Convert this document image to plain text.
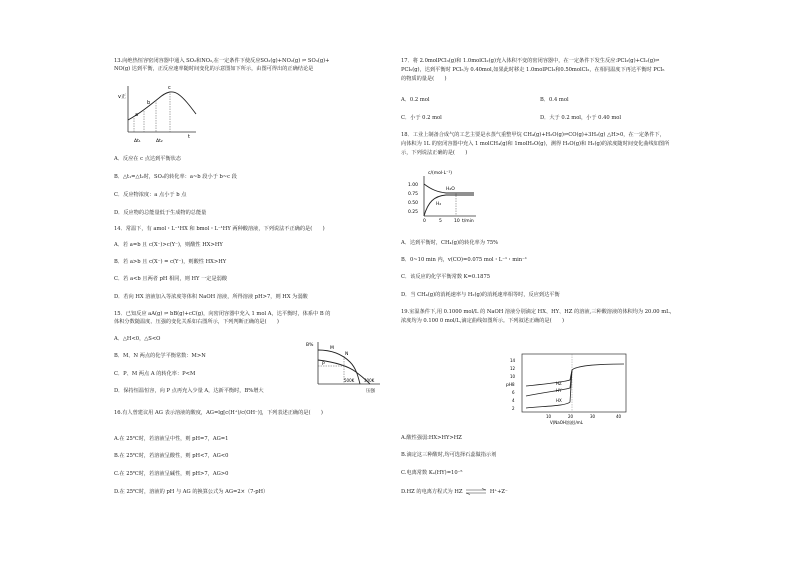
13.向绝热恒容密闭容器中通入 SO₂和NO₂,在一定条件下使反应SO₂(g)+NO₂(g) ⇌ SO₃(g)+
NO(g) 达到平衡，正反应速率随时间变化的示意图如下所示，由图可得出的正确结论是
v正
a
b
c
Δt₁	Δt₂
t
A．反应在 c 点达到平衡状态
B．△t₁=△t₂时，SO₂的转化率：a~b 段小于 b~c 段
C．反应物浓度：a 点小于 b 点
D．反应物的总能量低于生成物的总能量
14．常温下，有 amol・L⁻¹HX 和 bmol・L⁻¹HY 两种酸溶液，下列说法不正确的是(　　)
A．若 a=b 且 c(X⁻)>c(Y⁻)，则酸性 HX>HY
B．若 a>b 且 c(X⁻) = c(Y⁻)，则酸性 HX>HY
C．若 a<b 且两者 pH 相同，则 HY 一定是弱酸
D．若向 HX 溶液加入等浓度等体积 NaOH 溶液，所得溶液 pH>7，则 HX 为弱酸
15．已知反应 aA(g) ⇌ bB(g)+cC(g)，向密闭容器中充入 1 mol A，达平衡时，体系中 B 的
体积分数随温度、压强的变化关系如右图所示，下列判断正确的是(　　)
A．△H<0，△S<O
B．M、N 两点的化学平衡常数：M>N
C．P、M 两点 A 的转化率：P<M
D．保持恒温恒容，向 P 点再充入少量 A，达新平衡时，B%增大
B%
M
N
P
500K 300K
压强
16.有人曾建议用 AG 表示溶液的酸度，AG=lg[c(H⁺)/c(OH⁻)]，下列表述正确的是(　　)
A.在 25℃时，若溶液呈中性，则 pH=7，AG=1
B.在 25℃时，若溶液呈酸性，则 pH<7，AG<0
C.在 25℃时，若溶液呈碱性，则 pH>7，AG>0
D.在 25℃时，溶液的 pH 与 AG 的换算公式为 AG=2×（7-pH）
17．将 2.0molPCl₃(g)和 1.0molCl₂(g)充入体积不变的密闭容器中，在一定条件下发生反应:PCl₃(g)+Cl₂(g)⇌
PCl₅(g)，达到平衡时 PCl₅为 0.40mol,如果此时移走 1.0molPCl₃和0.50molCl₂，在相同温度下再达平衡时 PCl₅
的物质的量是(　　)
A．0.2 mol	B．0.4 mol
C．小于 0.2 mol	D．大于 0.2 mol，小于 0.40 mol
18．工业上制备合成气的工艺主要是水蒸气重整甲烷 CH₄(g)+H₂O(g)⇌CO(g)+3H₂(g) △H>0，在一定条件下，
向体积为 1L 的密闭容器中充入 1 molCH₄(g)和 1molH₂O(g)，测得 H₂O(g)和 H₂(g)的浓度随时间变化曲线如图所
示，下列说法正确的是(　　)
c/(mol·L⁻¹)
1.00
0.75
0.50
0.25
0	5	10 t/min
H₂O
H₂
A．达到平衡时，CH₄(g)的转化率为 75%
B．0~10 min 内，v(CO)=0.075 mol・L⁻¹・min⁻¹
C．该反应的化学平衡常数 K=0.1875
D．当 CH₄(g)的消耗速率与 H₂(g)的消耗速率相等时，反应到达平衡
19.室温条件下,用 0.1000 mol/L 的 NaOH 溶液分别滴定 HX、HY、HZ 的溶液,三种酸溶液的体积均为 20.00 mL，
浓度均为 0.100 0 mol/L,滴定曲线如图所示。下列叙述正确的是(　　)
14
12
10
8
6
4
2
pH	HZ
HY
HX
10	20	30	40
V(NaOH溶液)/mL
A.酸性强弱:HX>HY>HZ
B.滴定这三种酸时,均可选择石蕊做指示剂
C.电离常数 Kₐ(HY)=10⁻⁵
D.HZ 的电离方程式为 HZ	H⁺+Z⁻
